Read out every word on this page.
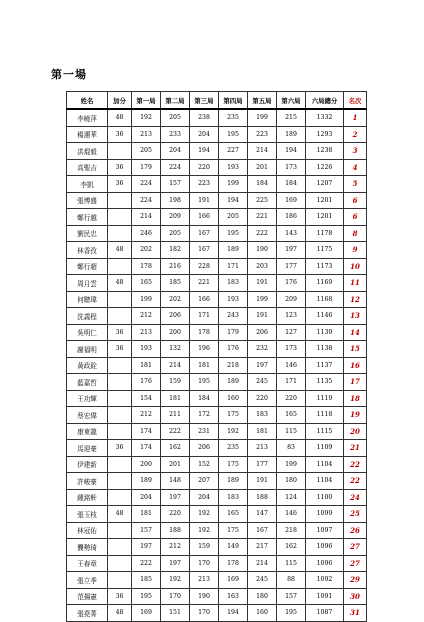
第一場
姓名	加分	第一局	第二局	第三局	第四局	第五局	第六局	六局總分	名次
李曉萍	48	192	205	238	235	199	215	1332	1
楊邇華	36	213	233	204	195	223	189	1293	2
洪焜毅		205	204	194	227	214	194	1238	3
高聖吉	36	179	224	220	193	201	173	1226	4
李凱	36	224	157	223	199	184	184	1207	5
張博盛		224	198	191	194	225	169	1201	6
鄭行越		214	209	166	205	221	186	1201	6
劉民忠		246	205	167	195	222	143	1178	8
林香孜	48	202	182	167	189	190	197	1175	9
鄭行超		178	216	228	171	203	177	1173	10
周月雲	48	165	185	221	183	191	176	1169	11
何聰瑋		199	202	166	193	199	209	1168	12
洗義程		212	206	171	243	191	123	1146	13
吳明仁	36	213	200	178	179	206	127	1139	14
謝福明	36	193	132	196	176	232	173	1138	15
黃政銓		181	214	181	218	197	146	1137	16
藍嘉哲		176	159	195	189	245	171	1135	17
王功輝		154	181	184	160	220	220	1119	18
蔡宏偉		212	211	172	175	183	165	1118	19
康東龍		174	222	231	192	181	115	1115	20
馬迎豪	36	174	162	206	235	213	83	1109	21
伊建新		200	201	152	175	177	199	1104	22
許峻豪		189	148	207	189	191	180	1104	22
鍾銘軒		204	197	204	183	188	124	1100	24
張玉枝	48	181	220	192	165	147	146	1099	25
林冠佑		157	188	192	175	167	218	1097	26
龔勢琦		197	212	159	149	217	162	1096	27
王春章		222	197	170	178	214	115	1096	27
張立季		185	192	213	169	245	88	1092	29
范揚憲	36	195	170	190	163	180	157	1091	30
張堯菁	48	169	151	170	194	160	195	1087	31
